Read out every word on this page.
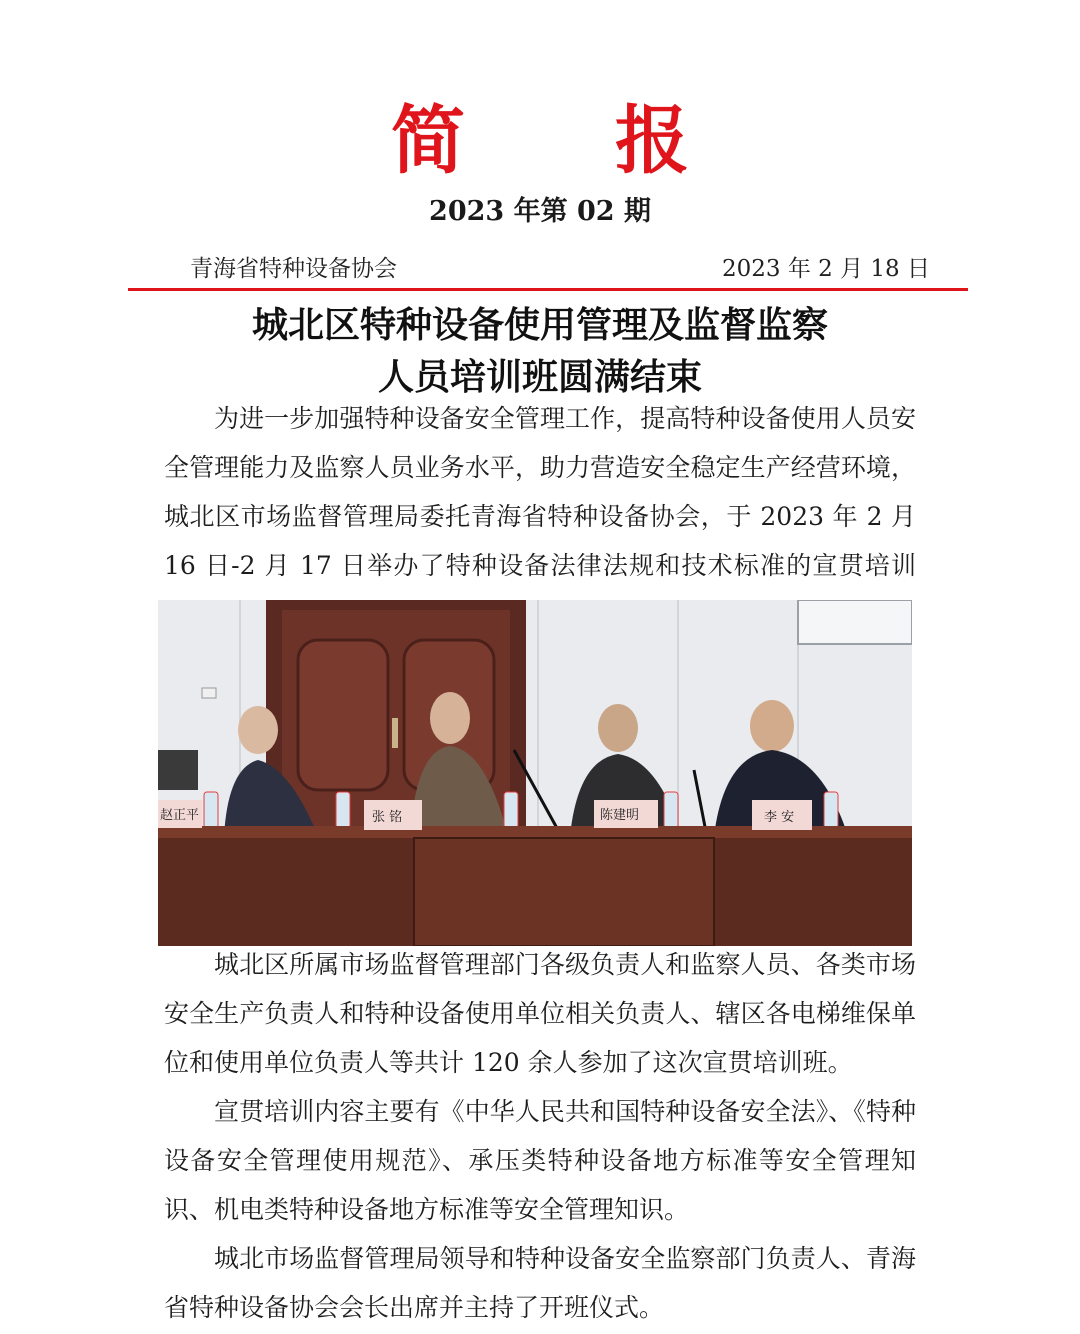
简 报
2023 年第 02 期
青海省特种设备协会	2023 年 2 月 18 日
城北区特种设备使用管理及监督监察
人员培训班圆满结束

为进一步加强特种设备安全管理工作，提高特种设备使用人员安全管理能力及监察人员业务水平，助力营造安全稳定生产经营环境，城北区市场监督管理局委托青海省特种设备协会，于 2023 年 2 月 16 日-2 月 17 日举办了特种设备法律法规和技术标准的宣贯培训

赵正平	张 铭	陈建明	李 安

城北区所属市场监督管理部门各级负责人和监察人员、各类市场安全生产负责人和特种设备使用单位相关负责人、辖区各电梯维保单位和使用单位负责人等共计 120 余人参加了这次宣贯培训班。

宣贯培训内容主要有《中华人民共和国特种设备安全法》、《特种设备安全管理使用规范》、承压类特种设备地方标准等安全管理知识、机电类特种设备地方标准等安全管理知识。

城北市场监督管理局领导和特种设备安全监察部门负责人、青海省特种设备协会会长出席并主持了开班仪式。
